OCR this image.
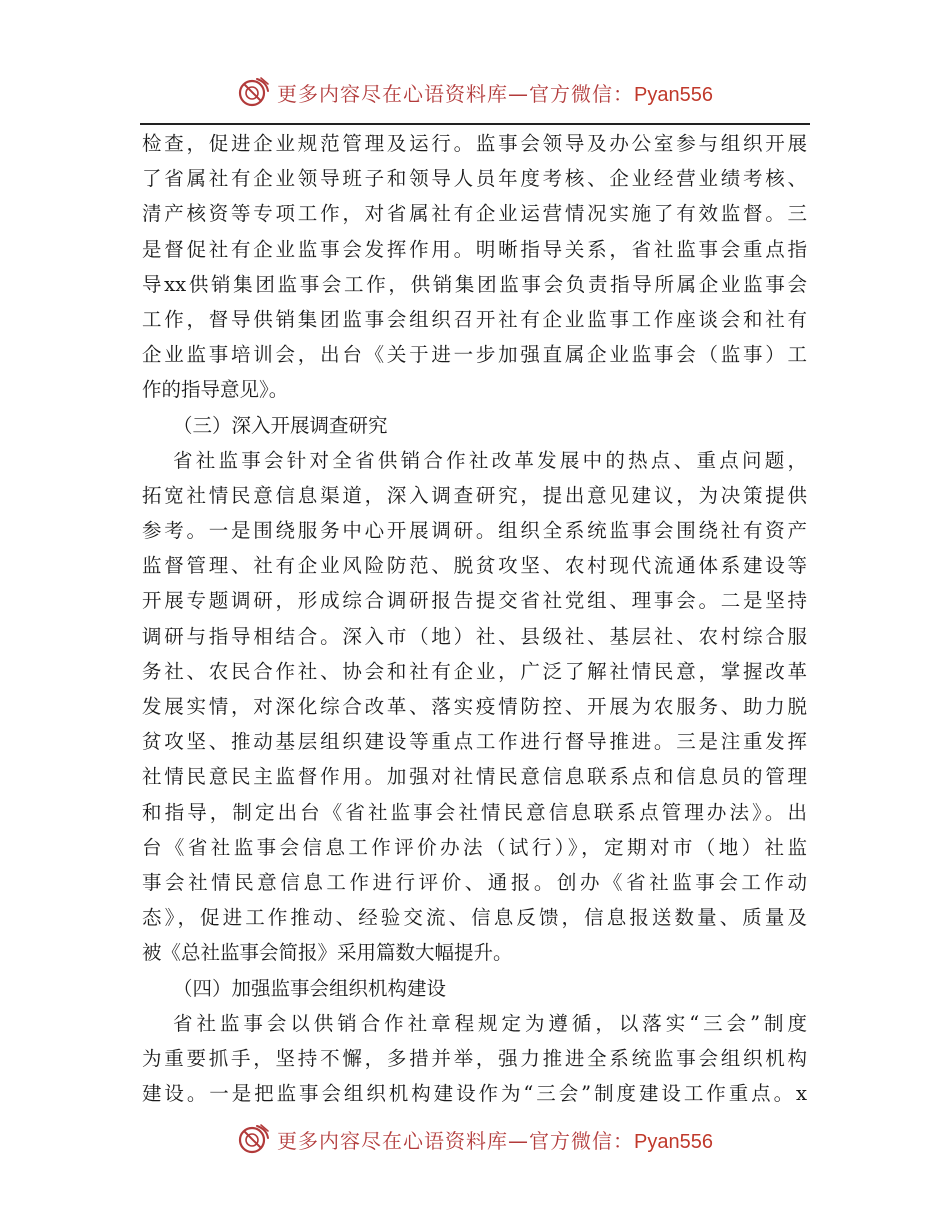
更多内容尽在心语资料库—官方微信：Pyan556
检查，促进企业规范管理及运行。监事会领导及办公室参与组织开展
了省属社有企业领导班子和领导人员年度考核、企业经营业绩考核、
清产核资等专项工作，对省属社有企业运营情况实施了有效监督。三
是督促社有企业监事会发挥作用。明晰指导关系，省社监事会重点指
导xx供销集团监事会工作，供销集团监事会负责指导所属企业监事会
工作，督导供销集团监事会组织召开社有企业监事工作座谈会和社有
企业监事培训会，出台《关于进一步加强直属企业监事会（监事）工
作的指导意见》。
（三）深入开展调查研究
省社监事会针对全省供销合作社改革发展中的热点、重点问题，
拓宽社情民意信息渠道，深入调查研究，提出意见建议，为决策提供
参考。一是围绕服务中心开展调研。组织全系统监事会围绕社有资产
监督管理、社有企业风险防范、脱贫攻坚、农村现代流通体系建设等
开展专题调研，形成综合调研报告提交省社党组、理事会。二是坚持
调研与指导相结合。深入市（地）社、县级社、基层社、农村综合服
务社、农民合作社、协会和社有企业，广泛了解社情民意，掌握改革
发展实情，对深化综合改革、落实疫情防控、开展为农服务、助力脱
贫攻坚、推动基层组织建设等重点工作进行督导推进。三是注重发挥
社情民意民主监督作用。加强对社情民意信息联系点和信息员的管理
和指导，制定出台《省社监事会社情民意信息联系点管理办法》。出
台《省社监事会信息工作评价办法（试行）》，定期对市（地）社监
事会社情民意信息工作进行评价、通报。创办《省社监事会工作动
态》，促进工作推动、经验交流、信息反馈，信息报送数量、质量及
被《总社监事会简报》采用篇数大幅提升。
（四）加强监事会组织机构建设
省社监事会以供销合作社章程规定为遵循，以落实“三会”制度
为重要抓手，坚持不懈，多措并举，强力推进全系统监事会组织机构
建设。一是把监事会组织机构建设作为“三会”制度建设工作重点。x
更多内容尽在心语资料库—官方微信：Pyan556
